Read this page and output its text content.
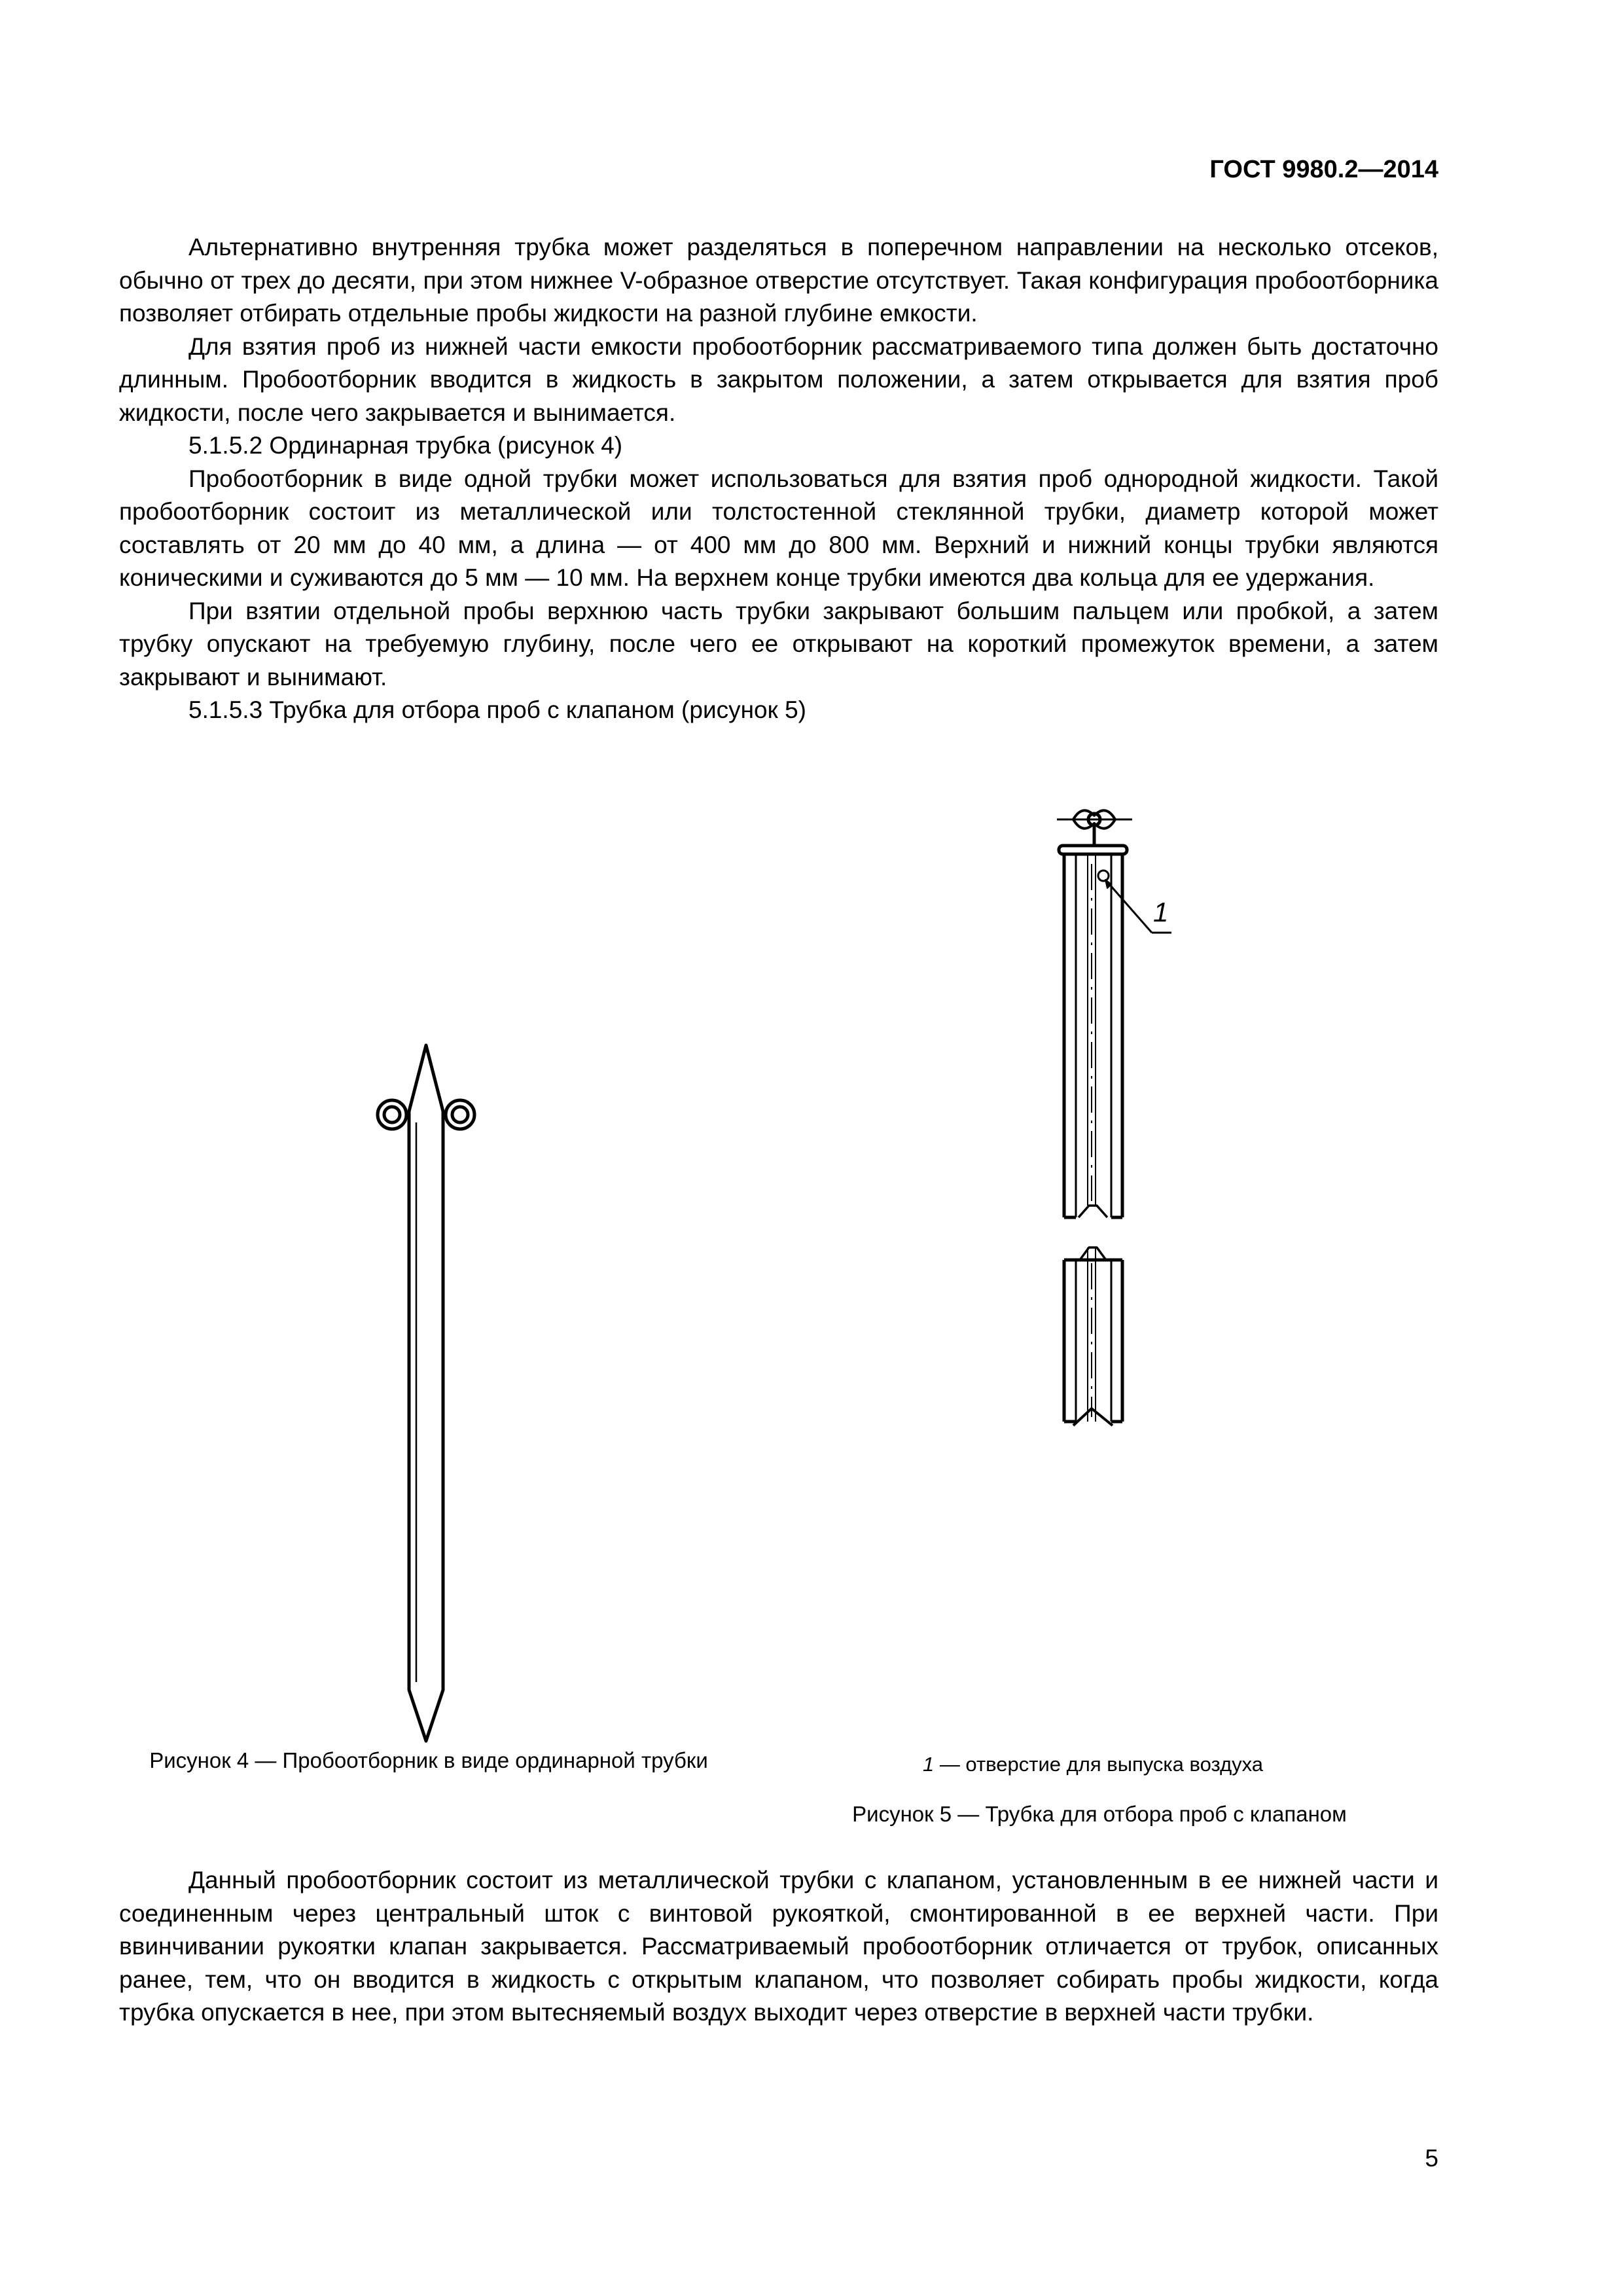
ГОСТ 9980.2—2014

Альтернативно внутренняя трубка может разделяться в поперечном направлении на несколько отсеков, обычно от трех до десяти, при этом нижнее V-образное отверстие отсутствует. Такая конфигурация пробоотборника позволяет отбирать отдельные пробы жидкости на разной глубине емкости.

Для взятия проб из нижней части емкости пробоотборник рассматриваемого типа должен быть достаточно длинным. Пробоотборник вводится в жидкость в закрытом положении, а затем открывается для взятия проб жидкости, после чего закрывается и вынимается.

5.1.5.2 Ординарная трубка (рисунок 4)

Пробоотборник в виде одной трубки может использоваться для взятия проб однородной жидкости. Такой пробоотборник состоит из металлической или толстостенной стеклянной трубки, диаметр которой может составлять от 20 мм до 40 мм, а длина — от 400 мм до 800 мм. Верхний и нижний концы трубки являются коническими и суживаются до 5 мм — 10 мм. На верхнем конце трубки имеются два кольца для ее удержания.

При взятии отдельной пробы верхнюю часть трубки закрывают большим пальцем или пробкой, а затем трубку опускают на требуемую глубину, после чего ее открывают на короткий промежуток времени, а затем закрывают и вынимают.

5.1.5.3 Трубка для отбора проб с клапаном (рисунок 5)

1
Рисунок 4 — Пробоотборник в виде ординарной трубки	1 — отверстие для выпуска воздуха
Рисунок 5 — Трубка для отбора проб с клапаном

Данный пробоотборник состоит из металлической трубки с клапаном, установленным в ее нижней части и соединенным через центральный шток с винтовой рукояткой, смонтированной в ее верхней части. При ввинчивании рукоятки клапан закрывается. Рассматриваемый пробоотборник отличается от трубок, описанных ранее, тем, что он вводится в жидкость с открытым клапаном, что позволяет собирать пробы жидкости, когда трубка опускается в нее, при этом вытесняемый воздух выходит через отверстие в верхней части трубки.

5
